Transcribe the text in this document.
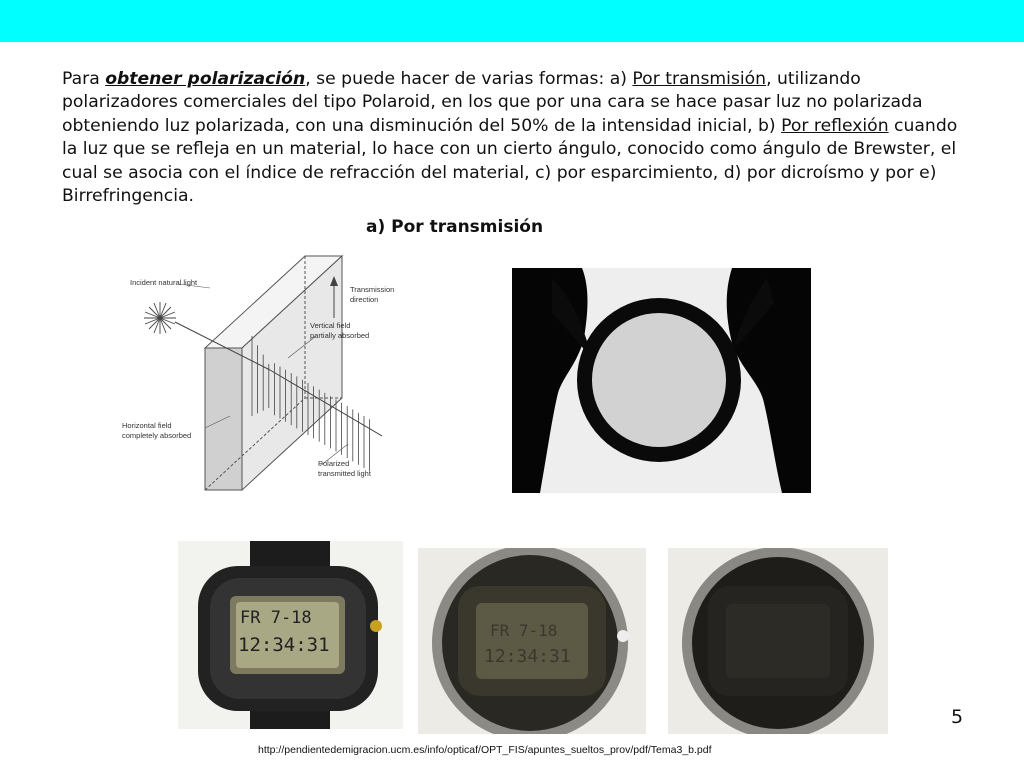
Para obtener polarización, se puede hacer de varias formas: a) Por transmisión, utilizando polarizadores comerciales del tipo Polaroid, en los que por una cara se hace pasar luz no polarizada obteniendo luz polarizada, con una disminución del 50% de la intensidad inicial, b) Por reflexión cuando la luz que se refleja en un material, lo hace con un cierto ángulo, conocido como ángulo de Brewster, el cual se asocia con el índice de refracción del material, c) por esparcimiento, d) por dicroísmo y por e) Birrefringencia.

a) Por transmisión
Incident natural light
Transmission
direction
Vertical field
partially absorbed
Horizontal field
completely absorbed
Polarized
transmitted light
FR 7-18
12:34:31
FR 7-18
12:34:31
5
http://pendientedemigracion.ucm.es/info/opticaf/OPT_FIS/apuntes_sueltos_prov/pdf/Tema3_b.pdf
